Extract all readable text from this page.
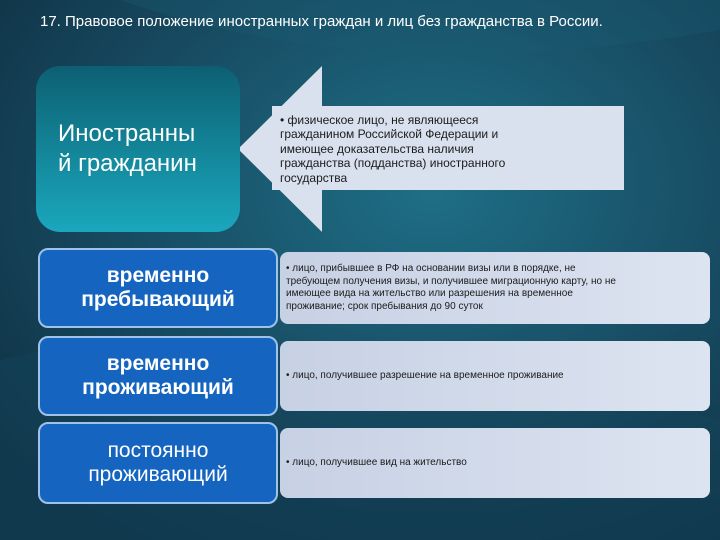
17. Правовое положение иностранных граждан и лиц без гражданства в России.
Иностранны
й гражданин
• физическое лицо, не являющееся
гражданином Российской Федерации и
имеющее доказательства наличия
гражданства (подданства) иностранного
государства
временно
пребывающий
• лицо, прибывшее в РФ на основании визы или в порядке, не
требующем получения визы, и получившее миграционную карту, но не
имеющее вида на жительство или разрешения на временное
проживание; срок пребывания до 90 суток
временно
проживающий
• лицо, получившее разрешение на временное проживание
постоянно
проживающий
• лицо, получившее вид на жительство
